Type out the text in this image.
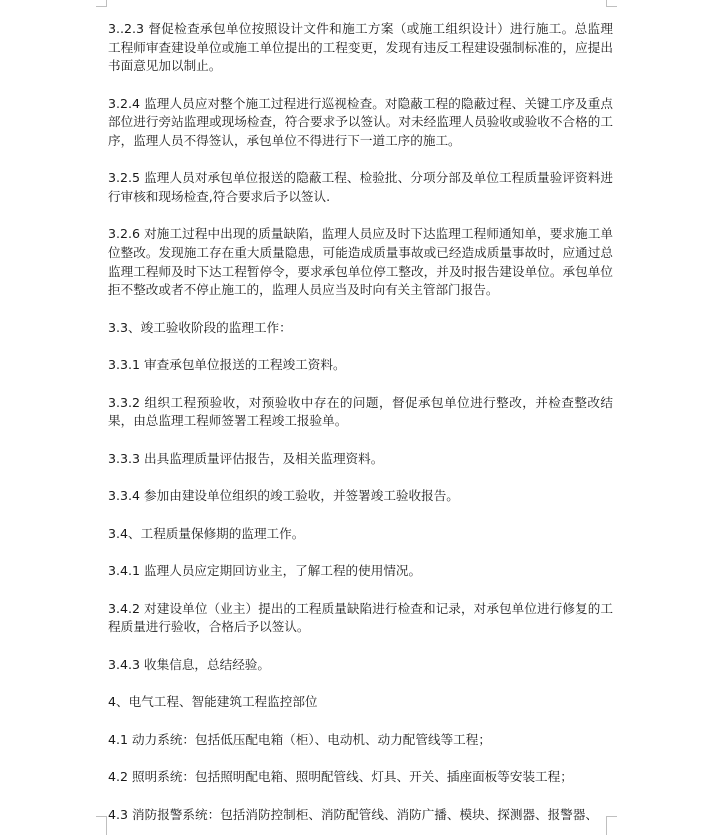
3..2.3 督促检查承包单位按照设计文件和施工方案（或施工组织设计）进行施工。总监理工程师审查建设单位或施工单位提出的工程变更，发现有违反工程建设强制标准的，应提出书面意见加以制止。

3.2.4 监理人员应对整个施工过程进行巡视检查。对隐蔽工程的隐蔽过程、关键工序及重点部位进行旁站监理或现场检查，符合要求予以签认。对未经监理人员验收或验收不合格的工序，监理人员不得签认，承包单位不得进行下一道工序的施工。

3.2.5 监理人员对承包单位报送的隐蔽工程、检验批、分项分部及单位工程质量验评资料进行审核和现场检查,符合要求后予以签认.

3.2.6 对施工过程中出现的质量缺陷，监理人员应及时下达监理工程师通知单，要求施工单位整改。发现施工存在重大质量隐患，可能造成质量事故或已经造成质量事故时，应通过总监理工程师及时下达工程暂停令，要求承包单位停工整改，并及时报告建设单位。承包单位拒不整改或者不停止施工的，监理人员应当及时向有关主管部门报告。

3.3、竣工验收阶段的监理工作：

3.3.1 审查承包单位报送的工程竣工资料。

3.3.2 组织工程预验收，对预验收中存在的问题，督促承包单位进行整改，并检查整改结果，由总监理工程师签署工程竣工报验单。

3.3.3 出具监理质量评估报告，及相关监理资料。

3.3.4 参加由建设单位组织的竣工验收，并签署竣工验收报告。

3.4、工程质量保修期的监理工作。

3.4.1 监理人员应定期回访业主，了解工程的使用情况。

3.4.2 对建设单位（业主）提出的工程质量缺陷进行检查和记录，对承包单位进行修复的工程质量进行验收，合格后予以签认。

3.4.3 收集信息，总结经验。

4、电气工程、智能建筑工程监控部位

4.1 动力系统：包括低压配电箱（柜）、电动机、动力配管线等工程；

4.2 照明系统：包括照明配电箱、照明配管线、灯具、开关、插座面板等安装工程；

4.3 消防报警系统：包括消防控制柜、消防配管线、消防广播、模块、探测器、报警器、
